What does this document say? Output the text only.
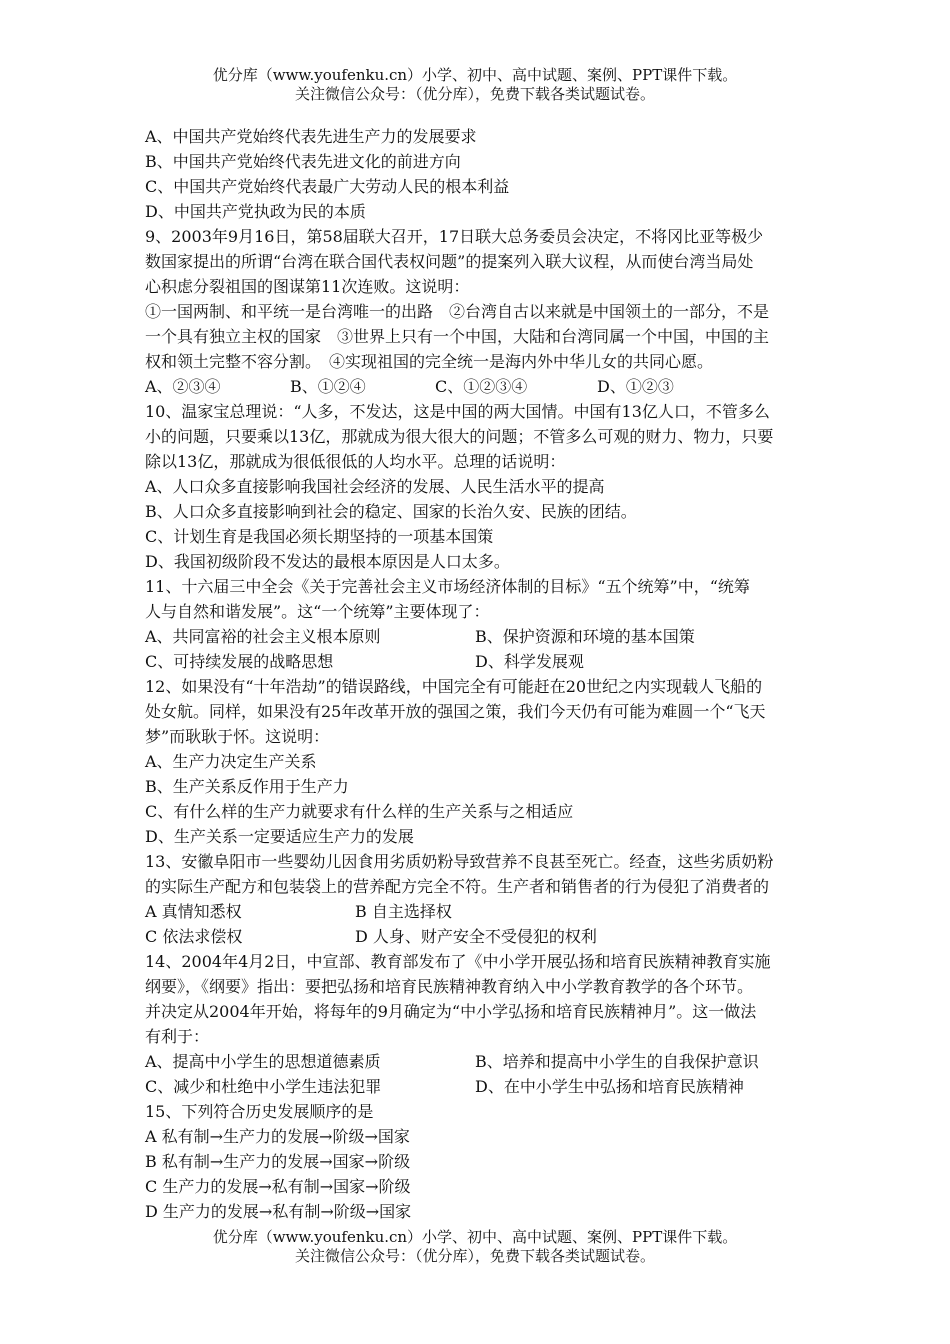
优分库（www.youfenku.cn）小学、初中、高中试题、案例、PPT课件下载。
关注微信公众号：（优分库），免费下载各类试题试卷。
A、中国共产党始终代表先进生产力的发展要求
B、中国共产党始终代表先进文化的前进方向
C、中国共产党始终代表最广大劳动人民的根本利益
D、中国共产党执政为民的本质
9、2003年9月16日，第58届联大召开，17日联大总务委员会决定，不将冈比亚等极少
数国家提出的所谓“台湾在联合国代表权问题”的提案列入联大议程，从而使台湾当局处
心积虑分裂祖国的图谋第11次连败。这说明：
①一国两制、和平统一是台湾唯一的出路　②台湾自古以来就是中国领土的一部分，不是
一个具有独立主权的国家　③世界上只有一个中国，大陆和台湾同属一个中国，中国的主
权和领土完整不容分割。　④实现祖国的完全统一是海内外中华儿女的共同心愿。
A、②③④	B、①②④	C、①②③④	D、①②③
10、温家宝总理说：“人多，不发达，这是中国的两大国情。中国有13亿人口，不管多么
小的问题，只要乘以13亿，那就成为很大很大的问题；不管多么可观的财力、物力，只要
除以13亿，那就成为很低很低的人均水平。总理的话说明：
A、人口众多直接影响我国社会经济的发展、人民生活水平的提高
B、人口众多直接影响到社会的稳定、国家的长治久安、民族的团结。
C、计划生育是我国必须长期坚持的一项基本国策
D、我国初级阶段不发达的最根本原因是人口太多。
11、十六届三中全会《关于完善社会主义市场经济体制的目标》“五个统筹”中，“统筹
人与自然和谐发展”。这“一个统筹”主要体现了：
A、共同富裕的社会主义根本原则	B、保护资源和环境的基本国策
C、可持续发展的战略思想	D、科学发展观
12、如果没有“十年浩劫”的错误路线，中国完全有可能赶在20世纪之内实现载人飞船的
处女航。同样，如果没有25年改革开放的强国之策，我们今天仍有可能为难圆一个“飞天
梦”而耿耿于怀。这说明：
A、生产力决定生产关系
B、生产关系反作用于生产力
C、有什么样的生产力就要求有什么样的生产关系与之相适应
D、生产关系一定要适应生产力的发展
13、安徽阜阳市一些婴幼儿因食用劣质奶粉导致营养不良甚至死亡。经查，这些劣质奶粉
的实际生产配方和包装袋上的营养配方完全不符。生产者和销售者的行为侵犯了消费者的
A 真情知悉权	B 自主选择权
C 依法求偿权	D 人身、财产安全不受侵犯的权利
14、2004年4月2日，中宣部、教育部发布了《中小学开展弘扬和培育民族精神教育实施
纲要》，《纲要》指出：要把弘扬和培育民族精神教育纳入中小学教育教学的各个环节。
并决定从2004年开始，将每年的9月确定为“中小学弘扬和培育民族精神月”。这一做法
有利于：
A、提高中小学生的思想道德素质	B、培养和提高中小学生的自我保护意识
C、减少和杜绝中小学生违法犯罪	D、在中小学生中弘扬和培育民族精神
15、下列符合历史发展顺序的是
A 私有制→生产力的发展→阶级→国家
B 私有制→生产力的发展→国家→阶级
C 生产力的发展→私有制→国家→阶级
D 生产力的发展→私有制→阶级→国家
优分库（www.youfenku.cn）小学、初中、高中试题、案例、PPT课件下载。
关注微信公众号：（优分库），免费下载各类试题试卷。
